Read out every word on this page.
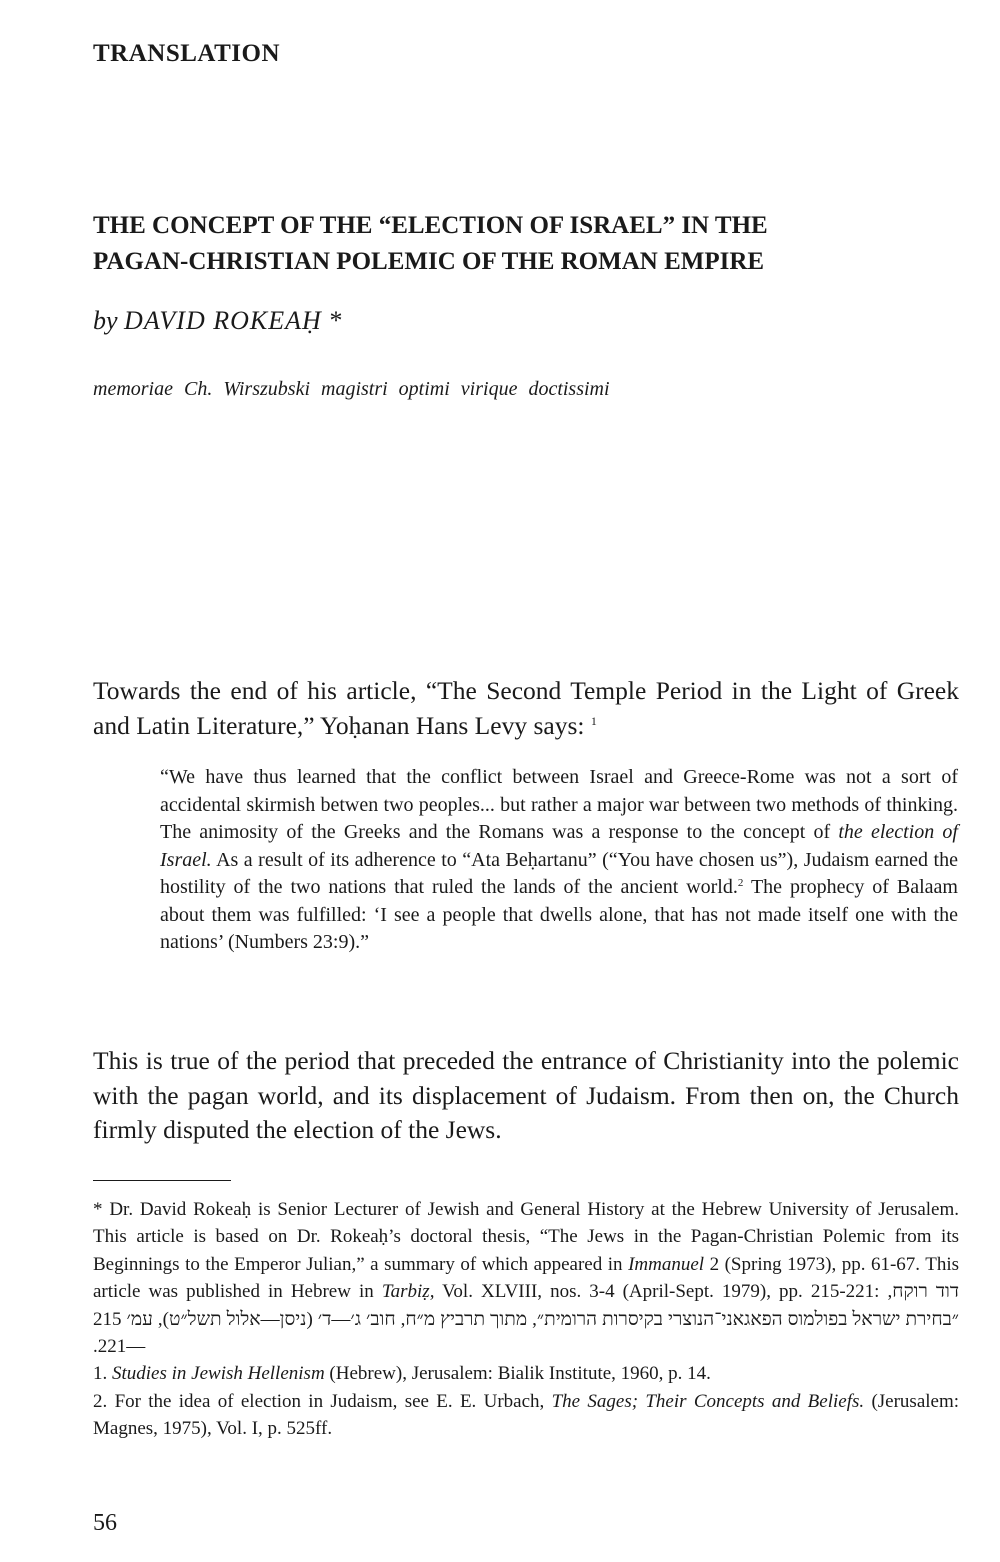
TRANSLATION
THE CONCEPT OF THE “ELECTION OF ISRAEL” IN THE
PAGAN-CHRISTIAN POLEMIC OF THE ROMAN EMPIRE
by DAVID ROKEAḤ *
memoriae Ch. Wirszubski magistri optimi virique doctissimi
Towards the end of his article, “The Second Temple Period in the Light of Greek and Latin Literature,” Yoḥanan Hans Levy says: $^1$
“We have thus learned that the conflict between Israel and Greece-Rome was not a sort of accidental skirmish betwen two peoples... but rather a major war between two methods of thinking. The animosity of the Greeks and the Romans was a response to the concept of the election of Israel. As a result of its adherence to “Ata Beḥartanu” (“You have chosen us”), Judaism earned the hostility of the two nations that ruled the lands of the ancient world.$^2$ The prophecy of Balaam about them was fulfilled: ‘I see a people that dwells alone, that has not made itself one with the nations’ (Numbers 23:9).”
This is true of the period that preceded the entrance of Christianity into the polemic with the pagan world, and its displacement of Judaism. From then on, the Church firmly disputed the election of the Jews.

* Dr. David Rokeaḥ is Senior Lecturer of Jewish and General History at the Hebrew University of Jerusalem. This article is based on Dr. Rokeaḥ’s doctoral thesis, “The Jews in the Pagan-Christian Polemic from its Beginnings to the Emperor Julian,” a summary of which appeared in Immanuel 2 (Spring 1973), pp. 61-67. This article was published in Hebrew in Tarbiẓ, Vol. XLVIII, nos. 3-4 (April-Sept. 1979), pp. 215-221: דוד רוקח, ״בחירת ישראל בפולמוס הפאגאני־הנוצרי בקיסרות הרומית״, מתוך תרביץ מ״ח, חוב׳ ג׳—ד׳ (ניסן—אלול תשל״ט), עמ׳ 215—221.

1. Studies in Jewish Hellenism (Hebrew), Jerusalem: Bialik Institute, 1960, p. 14.

2. For the idea of election in Judaism, see E. E. Urbach, The Sages; Their Concepts and Beliefs. (Jerusalem: Magnes, 1975), Vol. I, p. 525ff.

56
